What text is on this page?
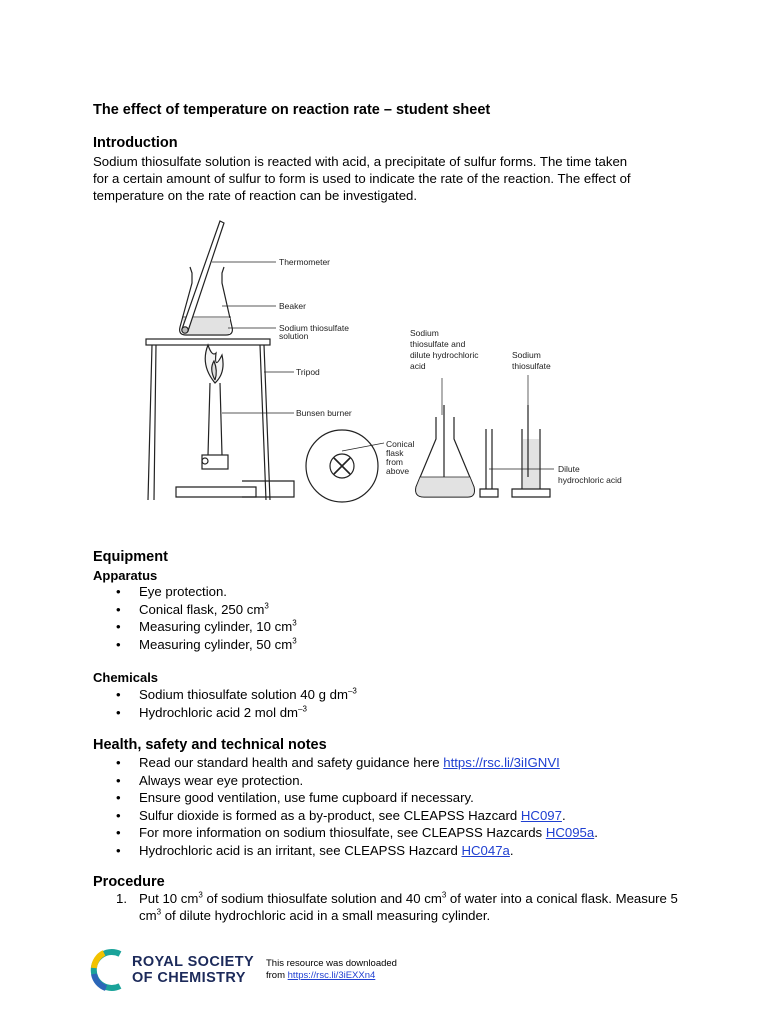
The effect of temperature on reaction rate – student sheet
Introduction
Sodium thiosulfate solution is reacted with acid, a precipitate of sulfur forms. The time taken
for a certain amount of sulfur to form is used to indicate the rate of the reaction. The effect of
temperature on the rate of reaction can be investigated.
Thermometer
Beaker
Sodium thiosulfate
solution
Tripod
Bunsen burner
Conical
flask
from
above
Sodium
thiosulfate and
dilute hydrochloric
acid
Sodium
thiosulfate
Dilute
hydrochloric acid
Equipment
Apparatus
• Eye protection.
• Conical flask, 250 $cm^3$
• Measuring cylinder, 10 $cm^3$
• Measuring cylinder, 50 $cm^3$
Chemicals
• Sodium thiosulfate solution 40 g $dm^{-3}$
• Hydrochloric acid 2 mol $dm^{-3}$
Health, safety and technical notes
• Read our standard health and safety guidance here https://rsc.li/3iIGNVI
• Always wear eye protection.
• Ensure good ventilation, use fume cupboard if necessary.
• Sulfur dioxide is formed as a by-product, see CLEAPSS Hazcard HC097.
• For more information on sodium thiosulfate, see CLEAPSS Hazcards HC095a.
• Hydrochloric acid is an irritant, see CLEAPSS Hazcard HC047a.
Procedure
1. Put 10 $cm^3$ of sodium thiosulfate solution and 40 $cm^3$ of water into a conical flask. Measure 5 $cm^3$ of dilute hydrochloric acid in a small measuring cylinder.
ROYAL SOCIETY
OF CHEMISTRY
This resource was downloaded
from https://rsc.li/3iEXXn4
